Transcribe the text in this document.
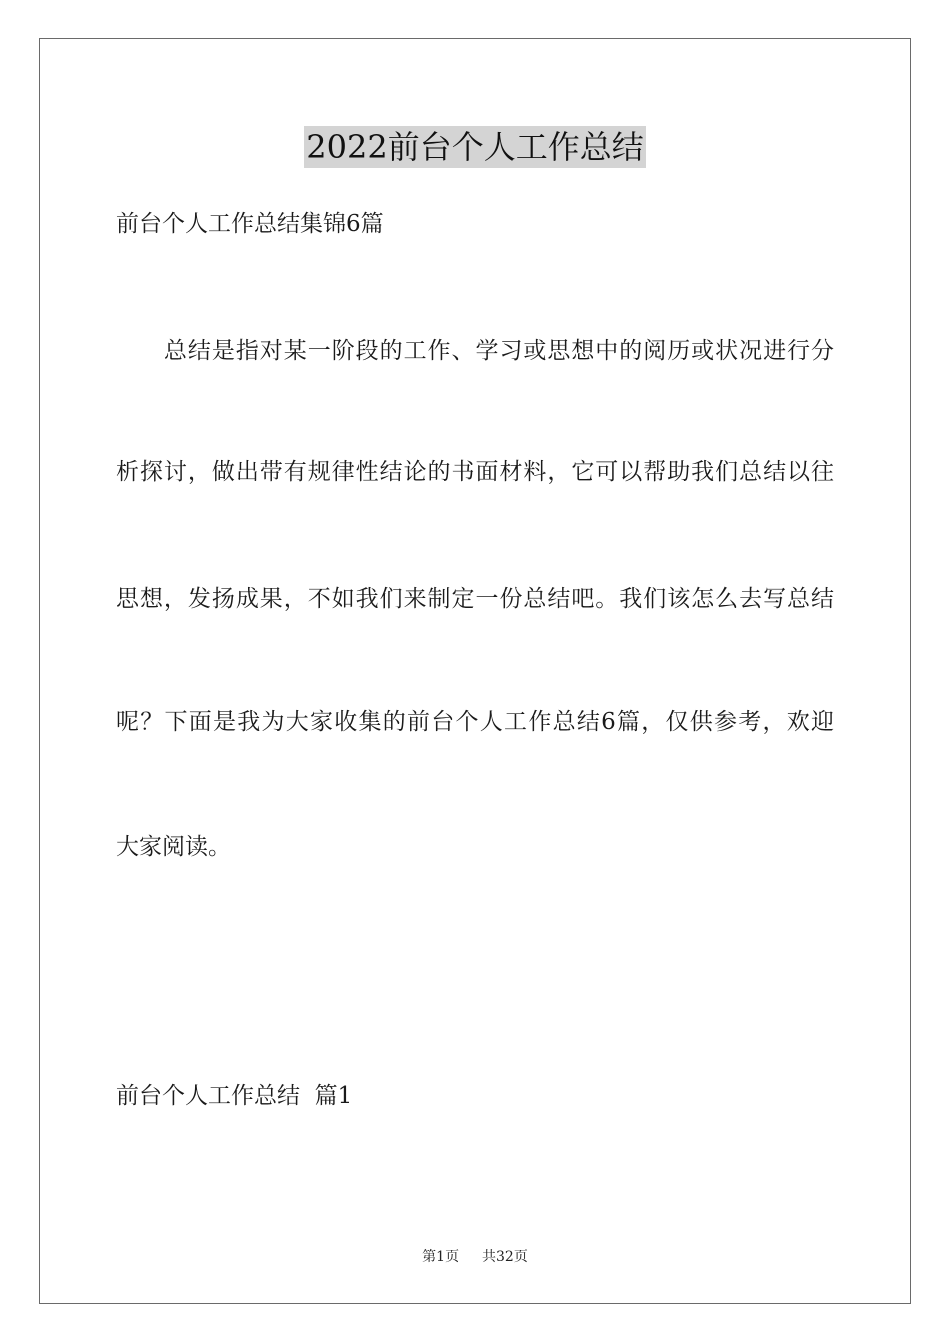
2022前台个人工作总结
前台个人工作总结集锦6篇
　　总结是指对某一阶段的工作、学习或思想中的阅历或状况进行分
析探讨，做出带有规律性结论的书面材料，它可以帮助我们总结以往
思想，发扬成果，不如我们来制定一份总结吧。我们该怎么去写总结
呢？下面是我为大家收集的前台个人工作总结6篇，仅供参考，欢迎
大家阅读。
前台个人工作总结  篇1
第1页 共32页
